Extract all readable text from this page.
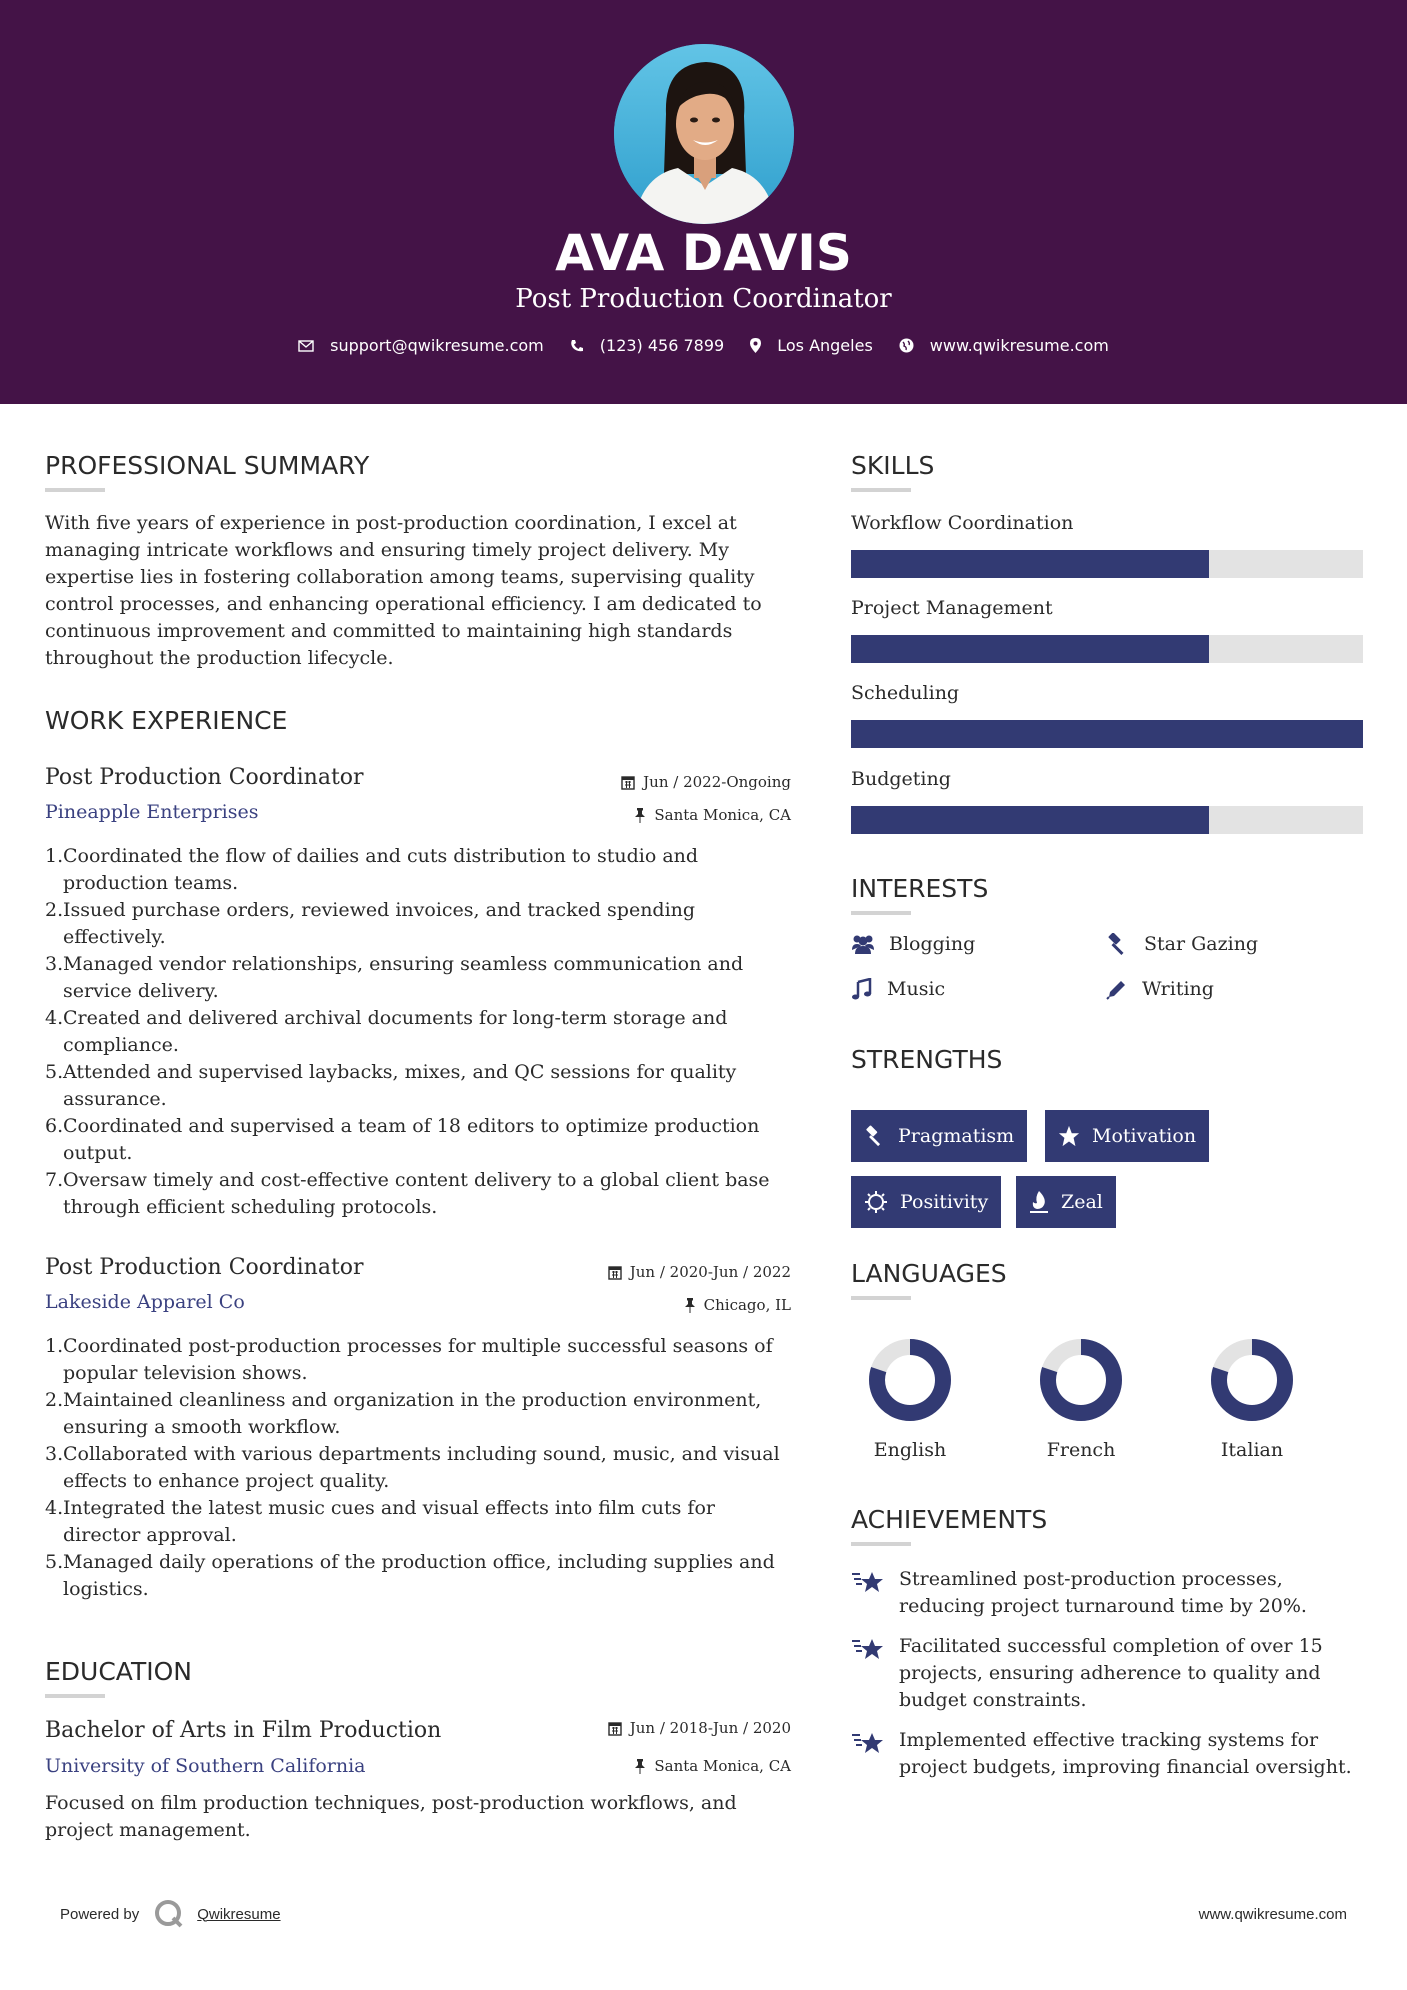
AVA DAVIS
Post Production Coordinator
support@qwikresume.com	(123) 456 7899	Los Angeles	www.qwikresume.com
PROFESSIONAL SUMMARY
With five years of experience in post-production coordination, I excel at
managing intricate workflows and ensuring timely project delivery. My
expertise lies in fostering collaboration among teams, supervising quality
control processes, and enhancing operational efficiency. I am dedicated to
continuous improvement and committed to maintaining high standards
throughout the production lifecycle.
WORK EXPERIENCE
Post Production Coordinator
Pineapple Enterprises
Jun / 2022-Ongoing
Santa Monica, CA
1. Coordinated the flow of dailies and cuts distribution to studio and
production teams.
2. Issued purchase orders, reviewed invoices, and tracked spending
effectively.
3. Managed vendor relationships, ensuring seamless communication and
service delivery.
4. Created and delivered archival documents for long-term storage and
compliance.
5. Attended and supervised laybacks, mixes, and QC sessions for quality
assurance.
6. Coordinated and supervised a team of 18 editors to optimize production
output.
7. Oversaw timely and cost-effective content delivery to a global client base
through efficient scheduling protocols.
Post Production Coordinator
Lakeside Apparel Co
Jun / 2020-Jun / 2022
Chicago, IL
1. Coordinated post-production processes for multiple successful seasons of
popular television shows.
2. Maintained cleanliness and organization in the production environment,
ensuring a smooth workflow.
3. Collaborated with various departments including sound, music, and visual
effects to enhance project quality.
4. Integrated the latest music cues and visual effects into film cuts for
director approval.
5. Managed daily operations of the production office, including supplies and
logistics.
EDUCATION
Bachelor of Arts in Film Production
University of Southern California
Jun / 2018-Jun / 2020
Santa Monica, CA
Focused on film production techniques, post-production workflows, and
project management.
SKILLS
Workflow Coordination
Project Management
Scheduling
Budgeting
INTERESTS
Blogging	Star Gazing
Music	Writing
STRENGTHS
Pragmatism	Motivation
Positivity	Zeal
LANGUAGES
English	French	Italian
ACHIEVEMENTS
Streamlined post-production processes,
reducing project turnaround time by 20%.
Facilitated successful completion of over 15
projects, ensuring adherence to quality and
budget constraints.
Implemented effective tracking systems for
project budgets, improving financial oversight.
Powered by	Qwikresume	www.qwikresume.com
